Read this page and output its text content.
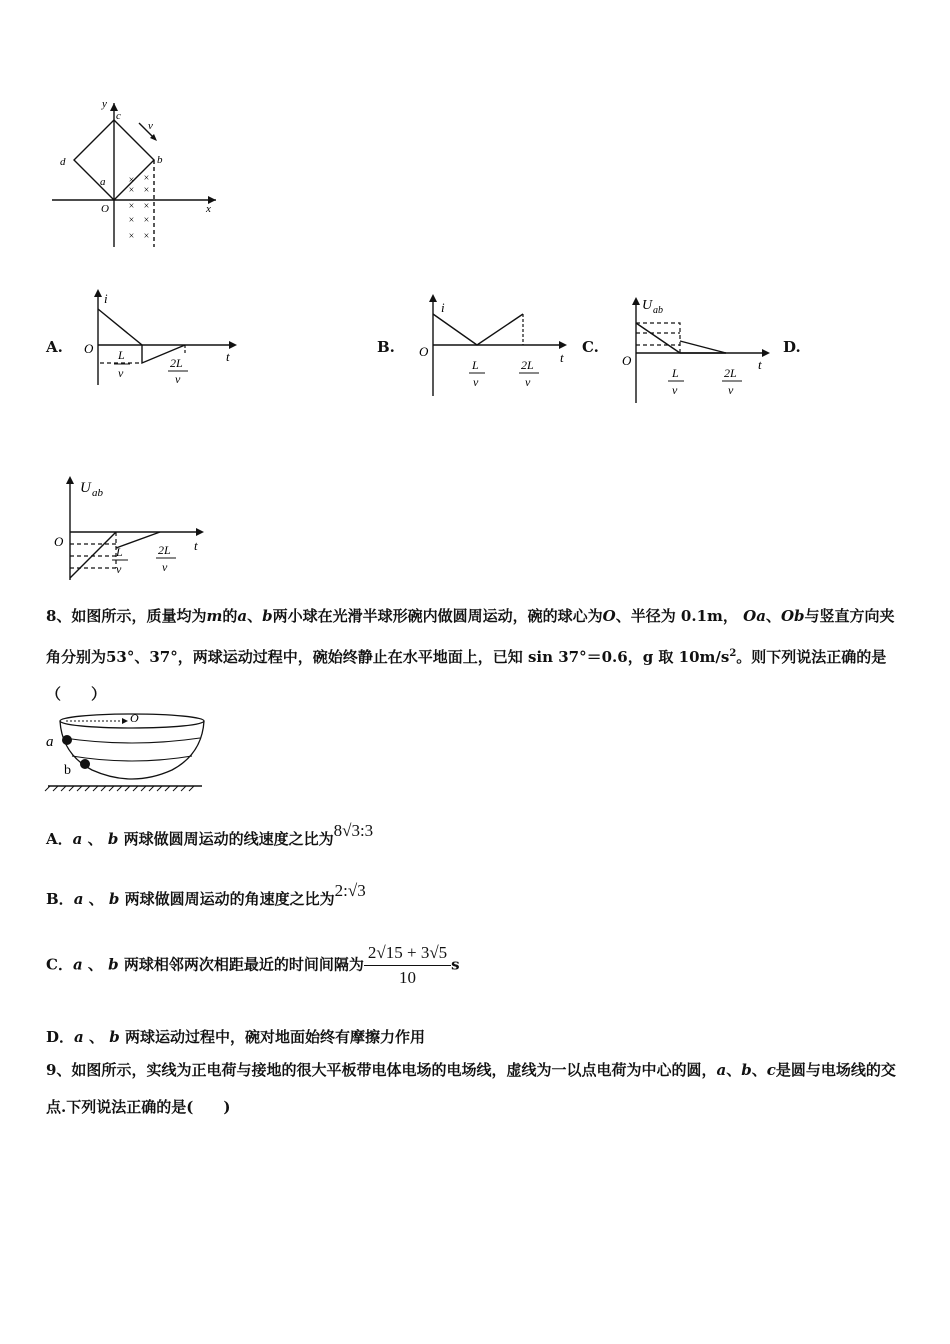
y
x
c
v
d	b
a
O
×
×
×
×
×
×
×
×
×
×
A.
i
O
t
L
v
2L
v
B.
i
O	t
L
v
2L
v
C.
U ab
O	t
L
v
2L
v
D.
U ab
O	t
L
v
2L
v
8、如图所示，质量均为m的a、b两小球在光滑半球形碗内做圆周运动，碗的球心为O、半径为 0.1m， Oa、Ob与竖直方向夹角分别为53°、37°，两球运动过程中，碗始终静止在水平地面上，已知 sin 37°＝0.6，g 取 $10m/s^2$。则下列说法正确的是（　　）
O
a
b
A．a 、 b 两球做圆周运动的线速度之比为8√3:3
B．a 、 b 两球做圆周运动的角速度之比为2:√3
C．a 、 b 两球相邻两次相距最近的时间间隔为 $\frac{2√15 + 3√5}{10}$ s
D．a 、 b 两球运动过程中，碗对地面始终有摩擦力作用
9、如图所示，实线为正电荷与接地的很大平板带电体电场的电场线，虚线为一以点电荷为中心的圆，a、b、c是圆与电场线的交点.下列说法正确的是(　　)
